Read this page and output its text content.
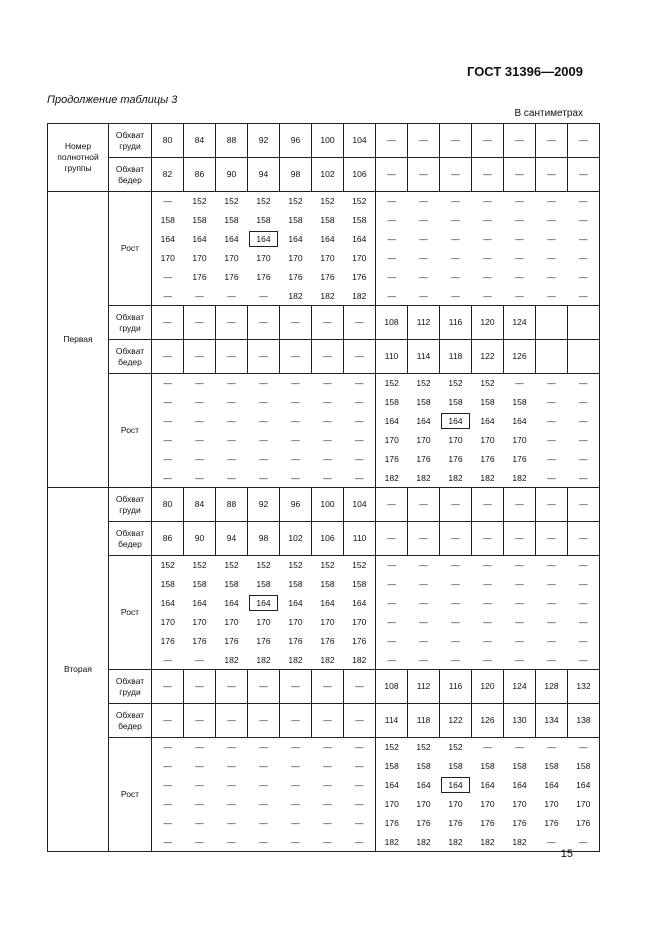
ГОСТ 31396—2009
Продолжение таблицы 3
В сантиметрах
Номер полнотной группы	Обхват груди	80	84	88	92	96	100	104	—	—	—	—	—	—	—
	Обхват бедер	82	86	90	94	98	102	106	—	—	—	—	—	—	—
Первая	Рост	—	152	152	152	152	152	152	—	—	—	—	—	—	—
		158	158	158	158	158	158	158	—	—	—	—	—	—	—
		164	164	164	164	164	164	164	—	—	—	—	—	—	—
		170	170	170	170	170	170	170	—	—	—	—	—	—	—
		—	176	176	176	176	176	176	—	—	—	—	—	—	—
		—	—	—	—	182	182	182	—	—	—	—	—	—	—
	Обхват груди	—	—	—	—	—	—	—	108	112	116	120	124		
	Обхват бедер	—	—	—	—	—	—	—	110	114	118	122	126		
	Рост	—	—	—	—	—	—	—	152	152	152	152	—	—	—
		—	—	—	—	—	—	—	158	158	158	158	158	—	—
		—	—	—	—	—	—	—	164	164	164	164	164	—	—
		—	—	—	—	—	—	—	170	170	170	170	170	—	—
		—	—	—	—	—	—	—	176	176	176	176	176	—	—
		—	—	—	—	—	—	—	182	182	182	182	182	—	—
Вторая	Обхват груди	80	84	88	92	96	100	104	—	—	—	—	—	—	—
	Обхват бедер	86	90	94	98	102	106	110	—	—	—	—	—	—	—
	Рост	152	152	152	152	152	152	152	—	—	—	—	—	—	—
		158	158	158	158	158	158	158	—	—	—	—	—	—	—
		164	164	164	164	164	164	164	—	—	—	—	—	—	—
		170	170	170	170	170	170	170	—	—	—	—	—	—	—
		176	176	176	176	176	176	176	—	—	—	—	—	—	—
		—	—	182	182	182	182	182	—	—	—	—	—	—	—
	Обхват груди	—	—	—	—	—	—	—	108	112	116	120	124	128	132
	Обхват бедер	—	—	—	—	—	—	—	114	118	122	126	130	134	138
	Рост	—	—	—	—	—	—	—	152	152	152	—	—	—	—
		—	—	—	—	—	—	—	158	158	158	158	158	158	158
		—	—	—	—	—	—	—	164	164	164	164	164	164	164
		—	—	—	—	—	—	—	170	170	170	170	170	170	170
		—	—	—	—	—	—	—	176	176	176	176	176	176	176
		—	—	—	—	—	—	—	182	182	182	182	182	—	—
15
